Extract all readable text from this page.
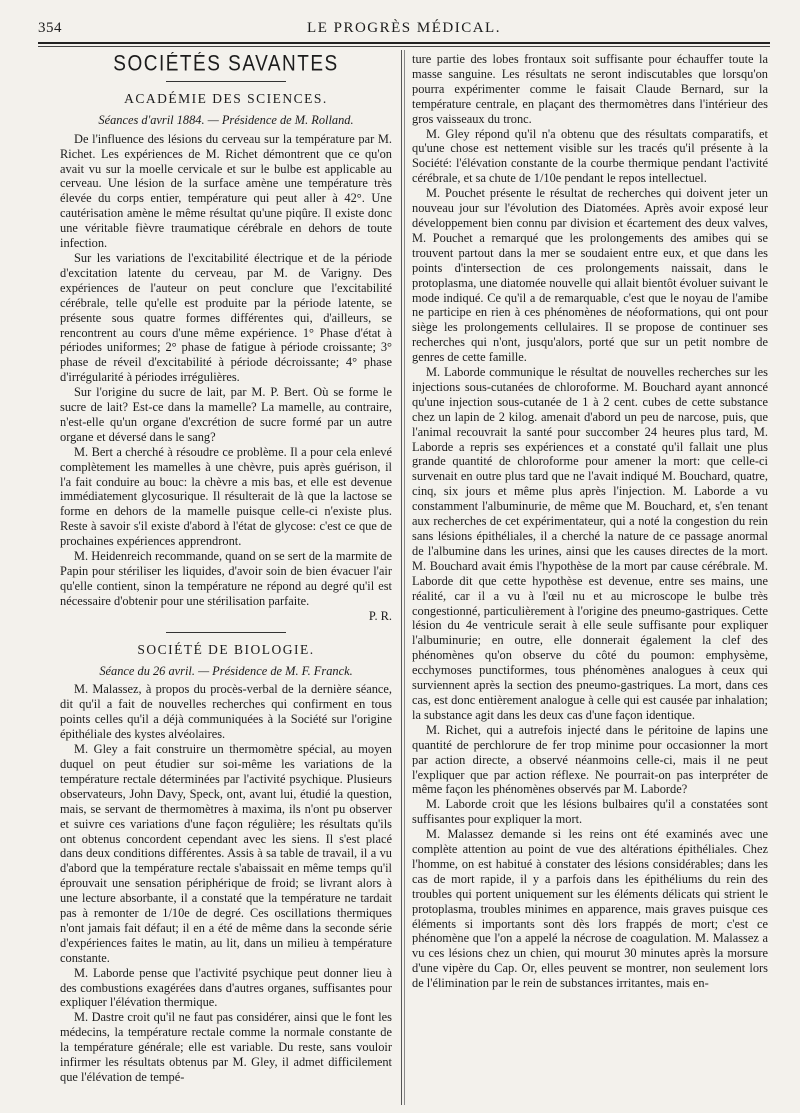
354	LE PROGRÈS MÉDICAL.
SOCIÉTÉS SAVANTES
ACADÉMIE DES SCIENCES.

Séances d'avril 1884. — Présidence de M. Rolland.

De l'influence des lésions du cerveau sur la température par M. Richet. Les expériences de M. Richet démontrent que ce qu'on avait vu sur la moelle cervicale et sur le bulbe est applicable au cerveau. Une lésion de la surface amène une température très élevée du corps entier, température qui peut aller à 42°. Une cautérisation amène le même résultat qu'une piqûre. Il existe donc une véritable fièvre traumatique cérébrale en dehors de toute infection.

Sur les variations de l'excitabilité électrique et de la période d'excitation latente du cerveau, par M. de Varigny. Des expériences de l'auteur on peut conclure que l'excitabilité cérébrale, telle qu'elle est produite par la période latente, se présente sous quatre formes différentes qui, d'ailleurs, se rencontrent au cours d'une même expérience. 1° Phase d'état à périodes uniformes; 2° phase de fatigue à période croissante; 3° phase de réveil d'excitabilité à période décroissante; 4° phase d'irrégularité à périodes irrégulières.

Sur l'origine du sucre de lait, par M. P. Bert. Où se forme le sucre de lait? Est-ce dans la mamelle? La mamelle, au contraire, n'est-elle qu'un organe d'excrétion de sucre formé par un autre organe et déversé dans le sang?

M. Bert a cherché à résoudre ce problème. Il a pour cela enlevé complètement les mamelles à une chèvre, puis après guérison, il l'a fait conduire au bouc: la chèvre a mis bas, et elle est devenue immédiatement glycosurique. Il résulterait de là que la lactose se forme en dehors de la mamelle puisque celle-ci n'existe plus. Reste à savoir s'il existe d'abord à l'état de glycose: c'est ce que de prochaines expériences apprendront.

M. Heidenreich recommande, quand on se sert de la marmite de Papin pour stériliser les liquides, d'avoir soin de bien évacuer l'air qu'elle contient, sinon la température ne répond au degré qu'il est nécessaire d'obtenir pour une stérilisation parfaite.

P. R.

SOCIÉTÉ DE BIOLOGIE.

Séance du 26 avril. — Présidence de M. F. Franck.

M. Malassez, à propos du procès-verbal de la dernière séance, dit qu'il a fait de nouvelles recherches qui confirment en tous points celles qu'il a déjà communiquées à la Société sur l'origine épithéliale des kystes alvéolaires.

M. Gley a fait construire un thermomètre spécial, au moyen duquel on peut étudier sur soi-même les variations de la température rectale déterminées par l'activité psychique. Plusieurs observateurs, John Davy, Speck, ont, avant lui, étudié la question, mais, se servant de thermomètres à maxima, ils n'ont pu observer et suivre ces variations d'une façon régulière; les résultats qu'ils ont obtenus concordent cependant avec les siens. Il s'est placé dans deux conditions différentes. Assis à sa table de travail, il a vu d'abord que la température rectale s'abaissait en même temps qu'il éprouvait une sensation périphérique de froid; se livrant alors à une lecture absorbante, il a constaté que la température ne tardait pas à remonter de 1/10e de degré. Ces oscillations thermiques n'ont jamais fait défaut; il en a été de même dans la seconde série d'expériences faites le matin, au lit, dans un milieu à température constante.

M. Laborde pense que l'activité psychique peut donner lieu à des combustions exagérées dans d'autres organes, suffisantes pour expliquer l'élévation thermique.

M. Dastre croit qu'il ne faut pas considérer, ainsi que le font les médecins, la température rectale comme la normale constante de la température générale; elle est variable. Du reste, sans vouloir infirmer les résultats obtenus par M. Gley, il admet difficilement que l'élévation de tempé-

ture partie des lobes frontaux soit suffisante pour échauffer toute la masse sanguine. Les résultats ne seront indiscutables que lorsqu'on pourra expérimenter comme le faisait Claude Bernard, sur la température centrale, en plaçant des thermomètres dans l'intérieur des gros vaisseaux du tronc.

M. Gley répond qu'il n'a obtenu que des résultats comparatifs, et qu'une chose est nettement visible sur les tracés qu'il présente à la Société: l'élévation constante de la courbe thermique pendant l'activité cérébrale, et sa chute de 1/10e pendant le repos intellectuel.

M. Pouchet présente le résultat de recherches qui doivent jeter un nouveau jour sur l'évolution des Diatomées. Après avoir exposé leur développement bien connu par division et écartement des deux valves, M. Pouchet a remarqué que les prolongements des amibes qui se trouvent partout dans la mer se soudaient entre eux, et que dans les points d'intersection de ces prolongements naissait, dans le protoplasma, une diatomée nouvelle qui allait bientôt évoluer suivant le mode indiqué. Ce qu'il a de remarquable, c'est que le noyau de l'amibe ne participe en rien à ces phénomènes de néoformations, qui ont pour siège les prolongements cellulaires. Il se propose de continuer ses recherches qui n'ont, jusqu'alors, porté que sur un petit nombre de genres de cette famille.

M. Laborde communique le résultat de nouvelles recherches sur les injections sous-cutanées de chloroforme. M. Bouchard ayant annoncé qu'une injection sous-cutanée de 1 à 2 cent. cubes de cette substance chez un lapin de 2 kilog. amenait d'abord un peu de narcose, puis, que l'animal recouvrait la santé pour succomber 24 heures plus tard, M. Laborde a repris ses expériences et a constaté qu'il fallait une plus grande quantité de chloroforme pour amener la mort: que celle-ci survenait en outre plus tard que ne l'avait indiqué M. Bouchard, quatre, cinq, six jours et même plus après l'injection. M. Laborde a vu constamment l'albuminurie, de même que M. Bouchard, et, s'en tenant aux recherches de cet expérimentateur, qui a noté la congestion du rein sans lésions épithéliales, il a cherché la nature de ce passage anormal de l'albumine dans les urines, ainsi que les causes directes de la mort. M. Bouchard avait émis l'hypothèse de la mort par cause cérébrale. M. Laborde dit que cette hypothèse est devenue, entre ses mains, une réalité, car il a vu à l'œil nu et au microscope le bulbe très congestionné, particulièrement à l'origine des pneumo-gastriques. Cette lésion du 4e ventricule serait à elle seule suffisante pour expliquer l'albuminurie; en outre, elle donnerait également la clef des phénomènes qu'on observe du côté du poumon: emphysème, ecchymoses punctiformes, tous phénomènes analogues à ceux qui surviennent après la section des pneumo-gastriques. La mort, dans ces cas, est donc entièrement analogue à celle qui est causée par inhalation; la substance agit dans les deux cas d'une façon identique.

M. Richet, qui a autrefois injecté dans le péritoine de lapins une quantité de perchlorure de fer trop minime pour occasionner la mort par action directe, a observé néanmoins celle-ci, mais il ne peut l'expliquer que par action réflexe. Ne pourrait-on pas interpréter de même façon les phénomènes observés par M. Laborde?

M. Laborde croit que les lésions bulbaires qu'il a constatées sont suffisantes pour expliquer la mort.

M. Malassez demande si les reins ont été examinés avec une complète attention au point de vue des altérations épithéliales. Chez l'homme, on est habitué à constater des lésions considérables; dans les cas de mort rapide, il y a parfois dans les épithéliums du rein des troubles qui portent uniquement sur les éléments délicats qui strient le protoplasma, troubles minimes en apparence, mais graves puisque ces éléments si importants sont dès lors frappés de mort; c'est ce phénomène que l'on a appelé la nécrose de coagulation. M. Malassez a vu ces lésions chez un chien, qui mourut 30 minutes après la morsure d'une vipère du Cap. Or, elles peuvent se montrer, non seulement lors de l'élimination par le rein de substances irritantes, mais en-
